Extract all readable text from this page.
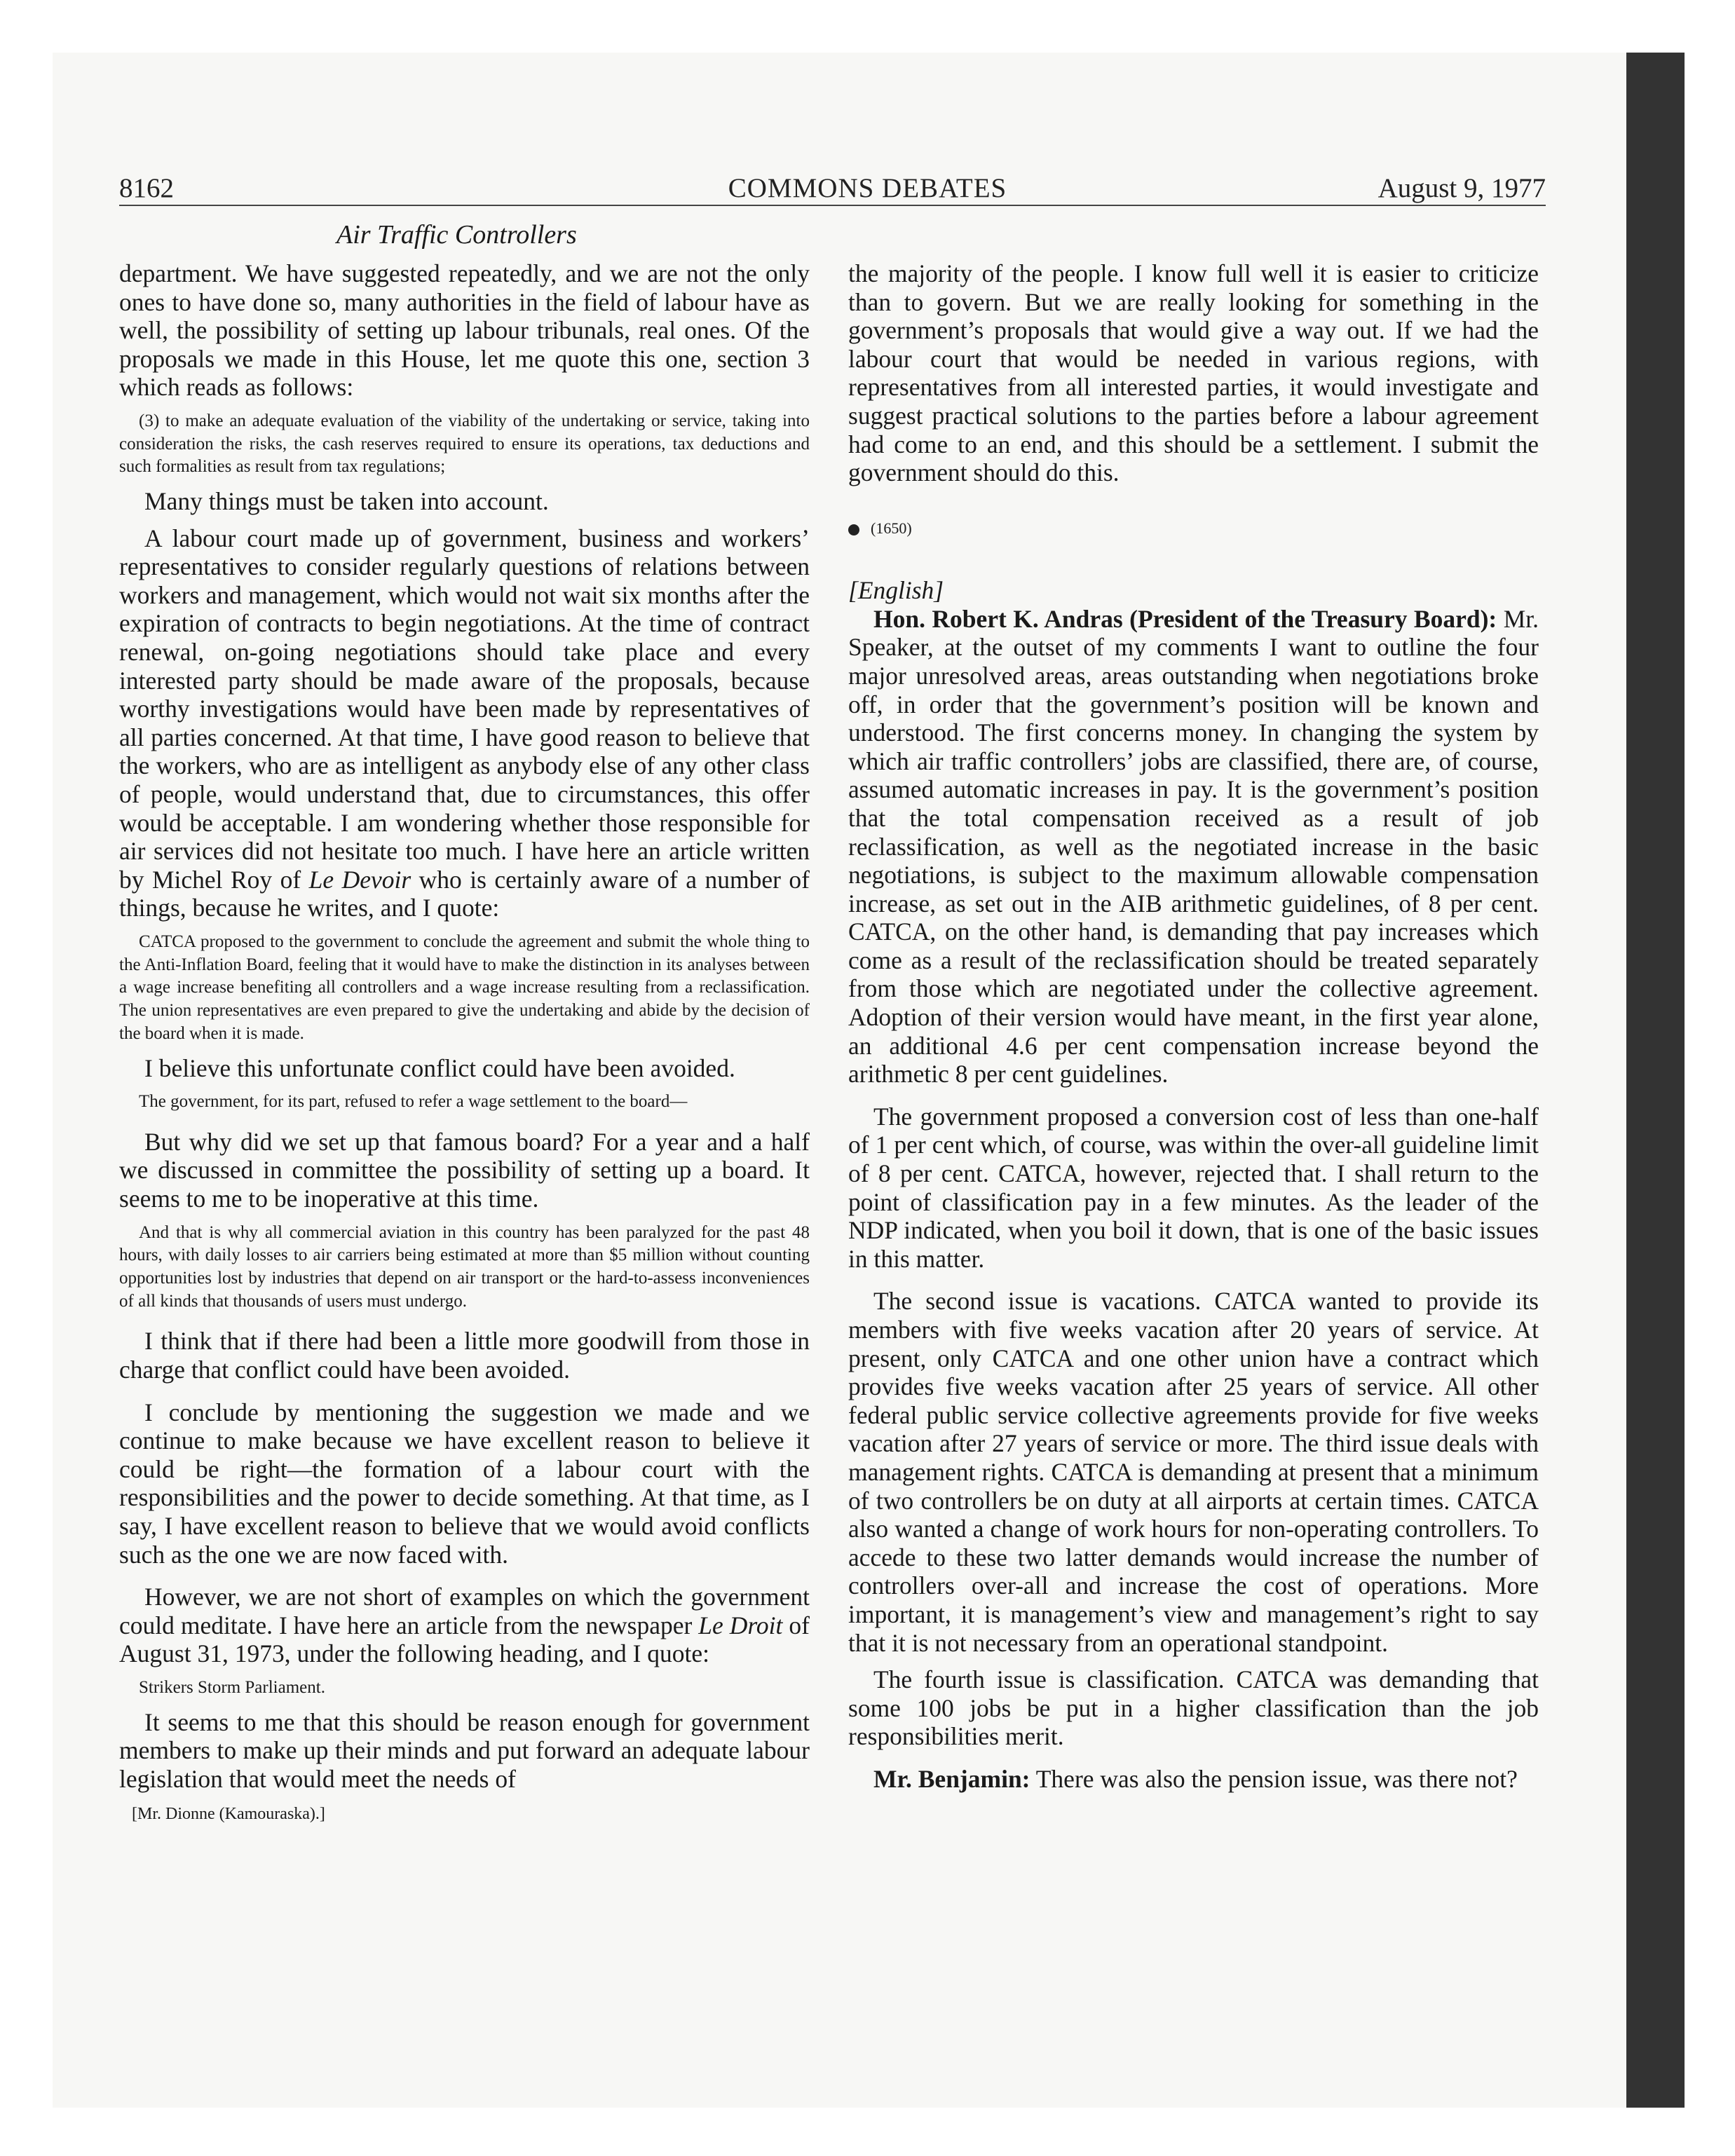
COMMONS DEBATES
8162	August 9, 1977
Air Traffic Controllers

department. We have suggested repeatedly, and we are not the only ones to have done so, many authorities in the field of labour have as well, the possibility of setting up labour tribunals, real ones. Of the proposals we made in this House, let me quote this one, section 3 which reads as follows:

(3) to make an adequate evaluation of the viability of the undertaking or service, taking into consideration the risks, the cash reserves required to ensure its operations, tax deductions and such formalities as result from tax regulations;

Many things must be taken into account.

A labour court made up of government, business and workers’ representatives to consider regularly questions of relations between workers and management, which would not wait six months after the expiration of contracts to begin negotiations. At the time of contract renewal, on-going negotiations should take place and every interested party should be made aware of the proposals, because worthy investigations would have been made by representatives of all parties concerned. At that time, I have good reason to believe that the workers, who are as intelligent as anybody else of any other class of people, would understand that, due to circumstances, this offer would be acceptable. I am wondering whether those responsible for air services did not hesitate too much. I have here an article written by Michel Roy of Le Devoir who is certainly aware of a number of things, because he writes, and I quote:

CATCA proposed to the government to conclude the agreement and submit the whole thing to the Anti-Inflation Board, feeling that it would have to make the distinction in its analyses between a wage increase benefiting all controllers and a wage increase resulting from a reclassification. The union representatives are even prepared to give the undertaking and abide by the decision of the board when it is made.

I believe this unfortunate conflict could have been avoided.

The government, for its part, refused to refer a wage settlement to the board—

But why did we set up that famous board? For a year and a half we discussed in committee the possibility of setting up a board. It seems to me to be inoperative at this time.

And that is why all commercial aviation in this country has been paralyzed for the past 48 hours, with daily losses to air carriers being estimated at more than $5 million without counting opportunities lost by industries that depend on air transport or the hard-to-assess inconveniences of all kinds that thousands of users must undergo.

I think that if there had been a little more goodwill from those in charge that conflict could have been avoided.

I conclude by mentioning the suggestion we made and we continue to make because we have excellent reason to believe it could be right—the formation of a labour court with the responsibilities and the power to decide something. At that time, as I say, I have excellent reason to believe that we would avoid conflicts such as the one we are now faced with.

However, we are not short of examples on which the government could meditate. I have here an article from the newspaper Le Droit of August 31, 1973, under the following heading, and I quote:

Strikers Storm Parliament.

It seems to me that this should be reason enough for government members to make up their minds and put forward an adequate labour legislation that would meet the needs of

[Mr. Dionne (Kamouraska).]

the majority of the people. I know full well it is easier to criticize than to govern. But we are really looking for something in the government’s proposals that would give a way out. If we had the labour court that would be needed in various regions, with representatives from all interested parties, it would investigate and suggest practical solutions to the parties before a labour agreement had come to an end, and this should be a settlement. I submit the government should do this.

(1650)

[English]

Hon. Robert K. Andras (President of the Treasury Board): Mr. Speaker, at the outset of my comments I want to outline the four major unresolved areas, areas outstanding when negotiations broke off, in order that the government’s position will be known and understood. The first concerns money. In changing the system by which air traffic controllers’ jobs are classified, there are, of course, assumed automatic increases in pay. It is the government’s position that the total compensation received as a result of job reclassification, as well as the negotiated increase in the basic negotiations, is subject to the maximum allowable compensation increase, as set out in the AIB arithmetic guidelines, of 8 per cent. CATCA, on the other hand, is demanding that pay increases which come as a result of the reclassification should be treated separately from those which are negotiated under the collective agreement. Adoption of their version would have meant, in the first year alone, an additional 4.6 per cent compensation increase beyond the arithmetic 8 per cent guidelines.

The government proposed a conversion cost of less than one-half of 1 per cent which, of course, was within the over-all guideline limit of 8 per cent. CATCA, however, rejected that. I shall return to the point of classification pay in a few minutes. As the leader of the NDP indicated, when you boil it down, that is one of the basic issues in this matter.

The second issue is vacations. CATCA wanted to provide its members with five weeks vacation after 20 years of service. At present, only CATCA and one other union have a contract which provides five weeks vacation after 25 years of service. All other federal public service collective agreements provide for five weeks vacation after 27 years of service or more. The third issue deals with management rights. CATCA is demanding at present that a minimum of two controllers be on duty at all airports at certain times. CATCA also wanted a change of work hours for non-operating controllers. To accede to these two latter demands would increase the number of controllers over-all and increase the cost of operations. More important, it is management’s view and management’s right to say that it is not necessary from an operational standpoint.

The fourth issue is classification. CATCA was demanding that some 100 jobs be put in a higher classification than the job responsibilities merit.

Mr. Benjamin: There was also the pension issue, was there not?
